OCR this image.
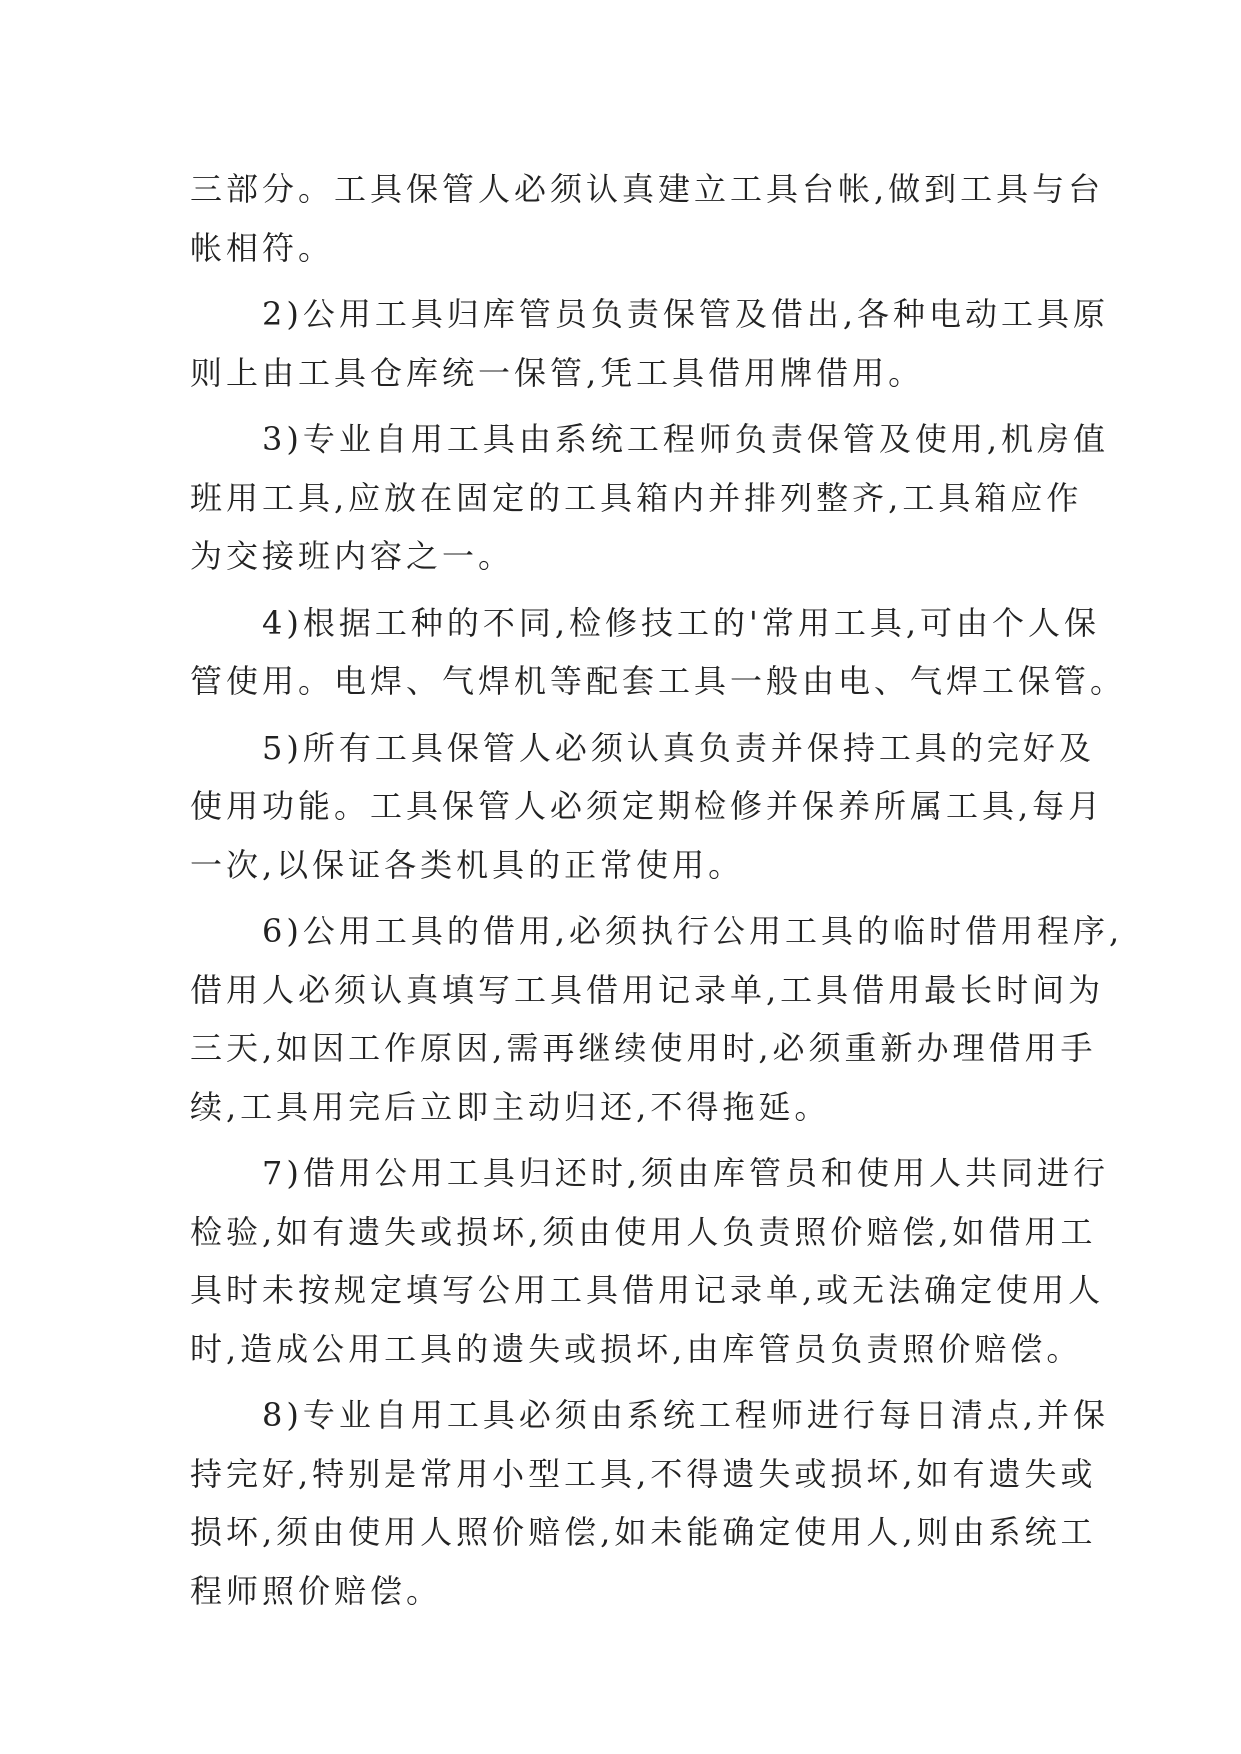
三部分。工具保管人必须认真建立工具台帐,做到工具与台
帐相符。
　　2)公用工具归库管员负责保管及借出,各种电动工具原
则上由工具仓库统一保管,凭工具借用牌借用。
　　3)专业自用工具由系统工程师负责保管及使用,机房值
班用工具,应放在固定的工具箱内并排列整齐,工具箱应作
为交接班内容之一。
　　4)根据工种的不同,检修技工的'常用工具,可由个人保
管使用。电焊、气焊机等配套工具一般由电、气焊工保管。
　　5)所有工具保管人必须认真负责并保持工具的完好及
使用功能。工具保管人必须定期检修并保养所属工具,每月
一次,以保证各类机具的正常使用。
　　6)公用工具的借用,必须执行公用工具的临时借用程序,
借用人必须认真填写工具借用记录单,工具借用最长时间为
三天,如因工作原因,需再继续使用时,必须重新办理借用手
续,工具用完后立即主动归还,不得拖延。
　　7)借用公用工具归还时,须由库管员和使用人共同进行
检验,如有遗失或损坏,须由使用人负责照价赔偿,如借用工
具时未按规定填写公用工具借用记录单,或无法确定使用人
时,造成公用工具的遗失或损坏,由库管员负责照价赔偿。
　　8)专业自用工具必须由系统工程师进行每日清点,并保
持完好,特别是常用小型工具,不得遗失或损坏,如有遗失或
损坏,须由使用人照价赔偿,如未能确定使用人,则由系统工
程师照价赔偿。
